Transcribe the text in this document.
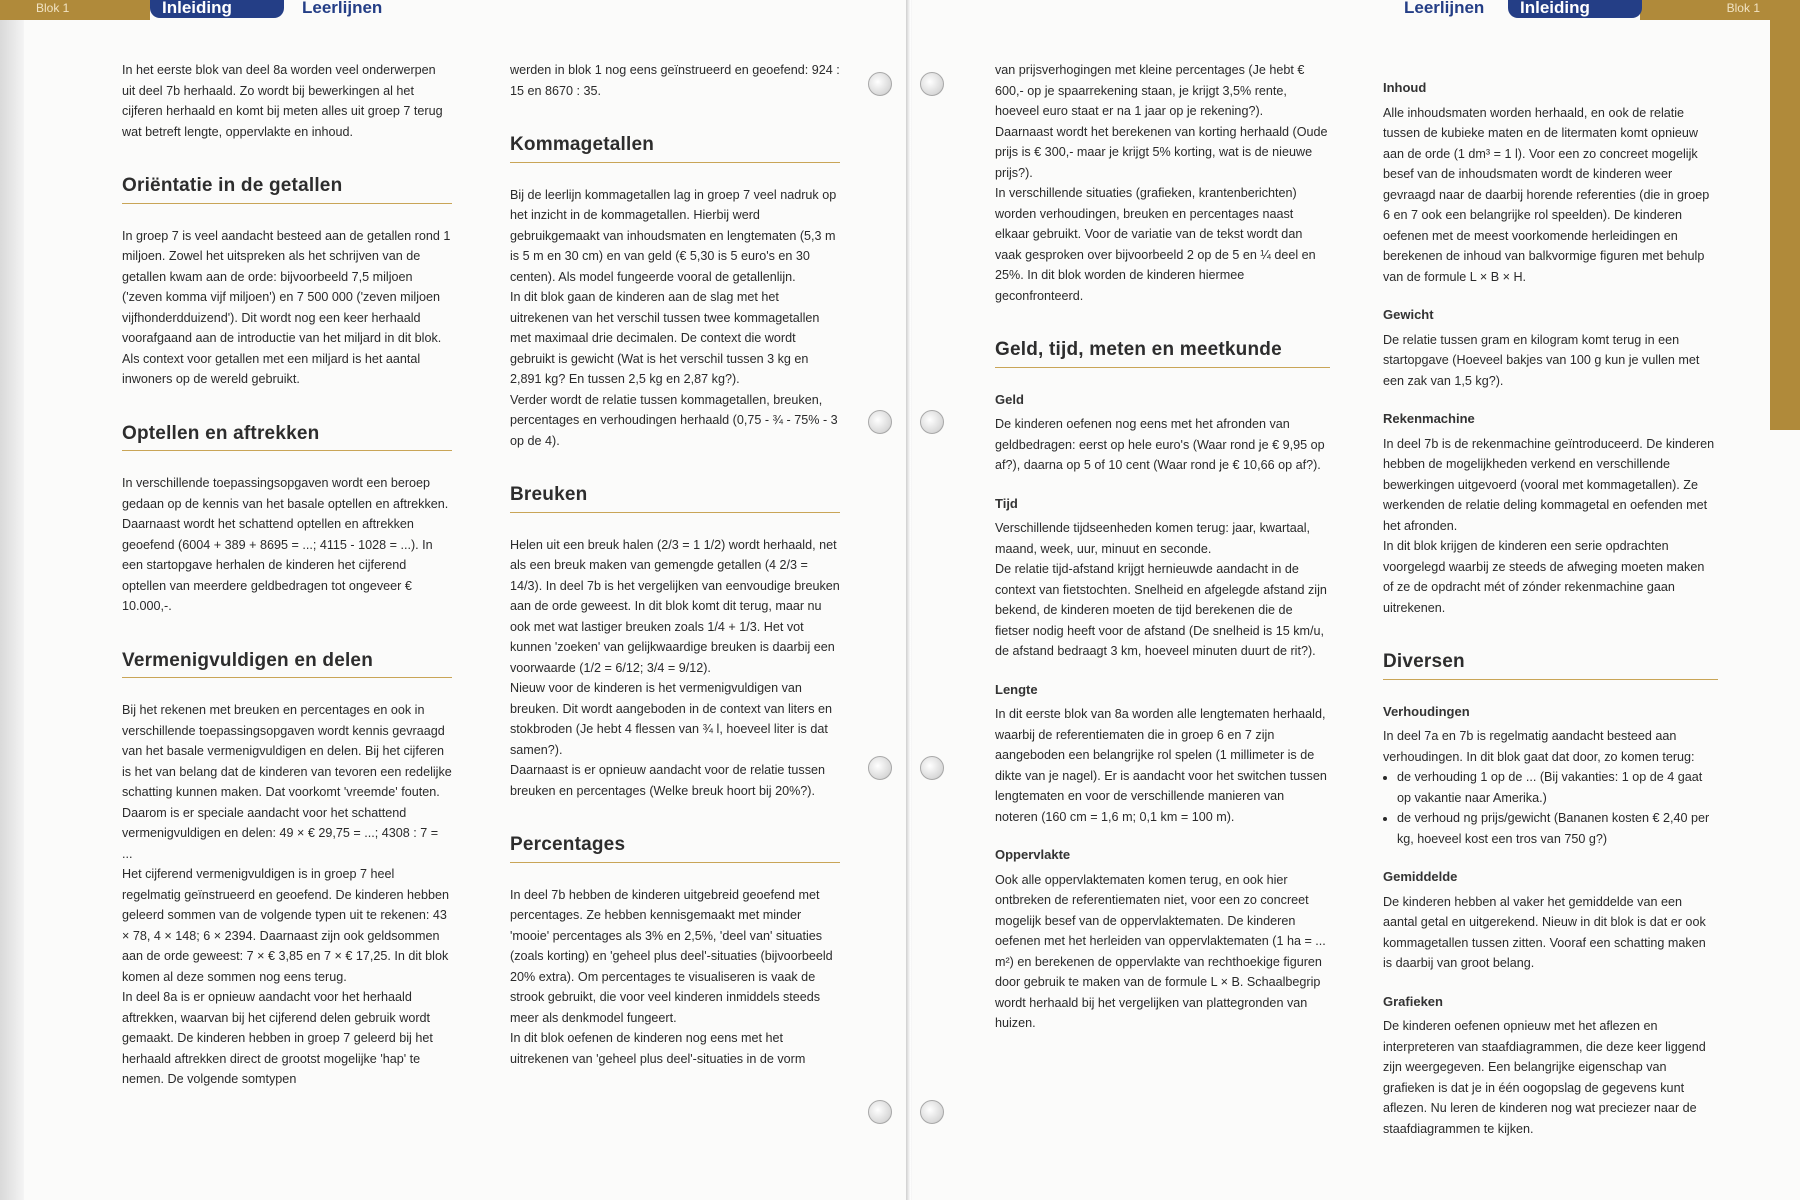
Blok 1	Inleiding	Leerlijnen

In het eerste blok van deel 8a worden veel onderwerpen uit deel 7b herhaald. Zo wordt bij bewerkingen al het cijferen herhaald en komt bij meten alles uit groep 7 terug wat betreft lengte, oppervlakte en inhoud.

Oriëntatie in de getallen

In groep 7 is veel aandacht besteed aan de getallen rond 1 miljoen. Zowel het uitspreken als het schrijven van de getallen kwam aan de orde: bijvoorbeeld 7,5 miljoen ('zeven komma vijf miljoen') en 7 500 000 ('zeven miljoen vijfhonderdduizend'). Dit wordt nog een keer herhaald voorafgaand aan de introductie van het miljard in dit blok. Als context voor getallen met een miljard is het aantal inwoners op de wereld gebruikt.

Optellen en aftrekken

In verschillende toepassingsopgaven wordt een beroep gedaan op de kennis van het basale optellen en aftrekken. Daarnaast wordt het schattend optellen en aftrekken geoefend (6004 + 389 + 8695 = ...; 4115 - 1028 = ...). In een startopgave herhalen de kinderen het cijferend optellen van meerdere geldbedragen tot ongeveer € 10.000,-.

Vermenigvuldigen en delen

Bij het rekenen met breuken en percentages en ook in verschillende toepassingsopgaven wordt kennis gevraagd van het basale vermenigvuldigen en delen. Bij het cijferen is het van belang dat de kinderen van tevoren een redelijke schatting kunnen maken. Dat voorkomt 'vreemde' fouten. Daarom is er speciale aandacht voor het schattend vermenigvuldigen en delen: 49 × € 29,75 = ...; 4308 : 7 = ...

Het cijferend vermenigvuldigen is in groep 7 heel regelmatig geïnstrueerd en geoefend. De kinderen hebben geleerd sommen van de volgende typen uit te rekenen: 43 × 78, 4 × 148; 6 × 2394. Daarnaast zijn ook geldsommen aan de orde geweest: 7 × € 3,85 en 7 × € 17,25. In dit blok komen al deze sommen nog eens terug.

In deel 8a is er opnieuw aandacht voor het herhaald aftrekken, waarvan bij het cijferend delen gebruik wordt gemaakt. De kinderen hebben in groep 7 geleerd bij het herhaald aftrekken direct de grootst mogelijke 'hap' te nemen. De volgende somtypen

werden in blok 1 nog eens geïnstrueerd en geoefend: 924 : 15 en 8670 : 35.

Kommagetallen

Bij de leerlijn kommagetallen lag in groep 7 veel nadruk op het inzicht in de kommagetallen. Hierbij werd gebruikgemaakt van inhoudsmaten en lengtematen (5,3 m is 5 m en 30 cm) en van geld (€ 5,30 is 5 euro's en 30 centen). Als model fungeerde vooral de getallenlijn.

In dit blok gaan de kinderen aan de slag met het uitrekenen van het verschil tussen twee kommagetallen met maximaal drie decimalen. De context die wordt gebruikt is gewicht (Wat is het verschil tussen 3 kg en 2,891 kg? En tussen 2,5 kg en 2,87 kg?).

Verder wordt de relatie tussen kommagetallen, breuken, percentages en verhoudingen herhaald (0,75 - ¾ - 75% - 3 op de 4).

Breuken

Helen uit een breuk halen (2/3 = 1 1/2) wordt herhaald, net als een breuk maken van gemengde getallen (4 2/3 = 14/3). In deel 7b is het vergelijken van eenvoudige breuken aan de orde geweest. In dit blok komt dit terug, maar nu ook met wat lastiger breuken zoals 1/4 + 1/3. Het vot kunnen 'zoeken' van gelijkwaardige breuken is daarbij een voorwaarde (1/2 = 6/12; 3/4 = 9/12).

Nieuw voor de kinderen is het vermenigvuldigen van breuken. Dit wordt aangeboden in de context van liters en stokbroden (Je hebt 4 flessen van ¾ l, hoeveel liter is dat samen?).

Daarnaast is er opnieuw aandacht voor de relatie tussen breuken en percentages (Welke breuk hoort bij 20%?).

Percentages

In deel 7b hebben de kinderen uitgebreid geoefend met percentages. Ze hebben kennisgemaakt met minder 'mooie' percentages als 3% en 2,5%, 'deel van' situaties (zoals korting) en 'geheel plus deel'-situaties (bijvoorbeeld 20% extra). Om percentages te visualiseren is vaak de strook gebruikt, die voor veel kinderen inmiddels steeds meer als denkmodel fungeert.

In dit blok oefenen de kinderen nog eens met het uitrekenen van 'geheel plus deel'-situaties in de vorm

Blok 1
Leerlijnen	Inleiding

van prijsverhogingen met kleine percentages (Je hebt € 600,- op je spaarrekening staan, je krijgt 3,5% rente, hoeveel euro staat er na 1 jaar op je rekening?).

Daarnaast wordt het berekenen van korting herhaald (Oude prijs is € 300,- maar je krijgt 5% korting, wat is de nieuwe prijs?).

In verschillende situaties (grafieken, krantenberichten) worden verhoudingen, breuken en percentages naast elkaar gebruikt. Voor de variatie van de tekst wordt dan vaak gesproken over bijvoorbeeld 2 op de 5 en ¼ deel en 25%. In dit blok worden de kinderen hiermee geconfronteerd.

Geld, tijd, meten en meetkunde
Geld

De kinderen oefenen nog eens met het afronden van geldbedragen: eerst op hele euro's (Waar rond je € 9,95 op af?), daarna op 5 of 10 cent (Waar rond je € 10,66 op af?).

Tijd

Verschillende tijdseenheden komen terug: jaar, kwartaal, maand, week, uur, minuut en seconde.

De relatie tijd-afstand krijgt hernieuwde aandacht in de context van fietstochten. Snelheid en afgelegde afstand zijn bekend, de kinderen moeten de tijd berekenen die de fietser nodig heeft voor de afstand (De snelheid is 15 km/u, de afstand bedraagt 3 km, hoeveel minuten duurt de rit?).

Lengte

In dit eerste blok van 8a worden alle lengtematen herhaald, waarbij de referentiematen die in groep 6 en 7 zijn aangeboden een belangrijke rol spelen (1 millimeter is de dikte van je nagel). Er is aandacht voor het switchen tussen lengtematen en voor de verschillende manieren van noteren (160 cm = 1,6 m; 0,1 km = 100 m).

Oppervlakte

Ook alle oppervlaktematen komen terug, en ook hier ontbreken de referentiematen niet, voor een zo concreet mogelijk besef van de oppervlaktematen. De kinderen oefenen met het herleiden van oppervlaktematen (1 ha = ... m²) en berekenen de oppervlakte van rechthoekige figuren door gebruik te maken van de formule L × B. Schaalbegrip wordt herhaald bij het vergelijken van plattegronden van huizen.

Inhoud

Alle inhoudsmaten worden herhaald, en ook de relatie tussen de kubieke maten en de litermaten komt opnieuw aan de orde (1 dm³ = 1 l). Voor een zo concreet mogelijk besef van de inhoudsmaten wordt de kinderen weer gevraagd naar de daarbij horende referenties (die in groep 6 en 7 ook een belangrijke rol speelden). De kinderen oefenen met de meest voorkomende herleidingen en berekenen de inhoud van balkvormige figuren met behulp van de formule L × B × H.

Gewicht

De relatie tussen gram en kilogram komt terug in een startopgave (Hoeveel bakjes van 100 g kun je vullen met een zak van 1,5 kg?).

Rekenmachine

In deel 7b is de rekenmachine geïntroduceerd. De kinderen hebben de mogelijkheden verkend en verschillende bewerkingen uitgevoerd (vooral met kommagetallen). Ze werkenden de relatie deling kommagetal en oefenden met het afronden.

In dit blok krijgen de kinderen een serie opdrachten voorgelegd waarbij ze steeds de afweging moeten maken of ze de opdracht mét of zónder rekenmachine gaan uitrekenen.

Diversen
Verhoudingen

In deel 7a en 7b is regelmatig aandacht besteed aan verhoudingen. In dit blok gaat dat door, zo komen terug:

• de verhouding 1 op de ... (Bij vakanties: 1 op de 4 gaat op vakantie naar Amerika.)
• de verhoud ng prijs/gewicht (Bananen kosten € 2,40 per kg, hoeveel kost een tros van 750 g?)
Gemiddelde

De kinderen hebben al vaker het gemiddelde van een aantal getal en uitgerekend. Nieuw in dit blok is dat er ook kommagetallen tussen zitten. Vooraf een schatting maken is daarbij van groot belang.

Grafieken

De kinderen oefenen opnieuw met het aflezen en interpreteren van staafdiagrammen, die deze keer liggend zijn weergegeven. Een belangrijke eigenschap van grafieken is dat je in één oogopslag de gegevens kunt aflezen. Nu leren de kinderen nog wat preciezer naar de staafdiagrammen te kijken.
